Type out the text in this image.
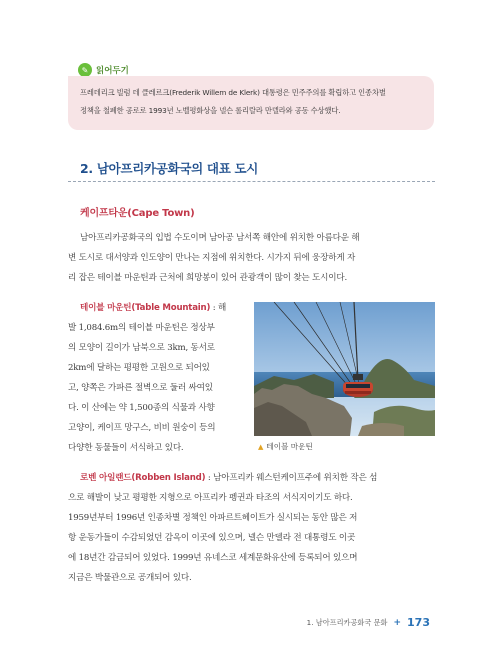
✎ 읽어두기

프레데리크 빌럼 데 클레르크(Frederik Willem de Klerk) 대통령은 민주주의를 확립하고 인종차별

정책을 철폐한 공로로 1993년 노벨평화상을 넬슨 롤리랄라 만델라와 공동 수상했다.

2. 남아프리카공화국의 대표 도시
케이프타운(Cape Town)
남아프리카공화국의 입법 수도이며 남아공 남서쪽 해안에 위치한 아름다운 해
변 도시로 대서양과 인도양이 만나는 지점에 위치한다. 시가지 뒤에 웅장하게 자
리 잡은 테이블 마운틴과 근처에 희망봉이 있어 관광객이 많이 찾는 도시이다.
테이블 마운틴(Table Mountain) : 해
발 1,084.6m의 테이블 마운틴은 정상부
의 모양이 길이가 남북으로 3km, 동서로
2km에 달하는 평평한 고원으로 되어있
고, 양쪽은 가파른 절벽으로 둘러 싸여있
다. 이 산에는 약 1,500종의 식물과 사향
고양이, 케이프 망구스, 비비 원숭이 등의
다양한 동물들이 서식하고 있다.	▲ 테이블 마운틴
로벤 아일랜드(Robben Island) : 남아프리카 웨스턴케이프주에 위치한 작은 섬
으로 해발이 낮고 평평한 지형으로 아프리카 펭귄과 타조의 서식지이기도 하다.
1959년부터 1996년 인종차별 정책인 아파르트헤이트가 실시되는 동안 많은 저
항 운동가들이 수감되었던 감옥이 이곳에 있으며, 넬슨 만델라 전 대통령도 이곳
에 18년간 감금되어 있었다. 1999년 유네스코 세계문화유산에 등록되어 있으며
지금은 박물관으로 공개되어 있다.
1. 남아프리카공화국 문화 + 173
